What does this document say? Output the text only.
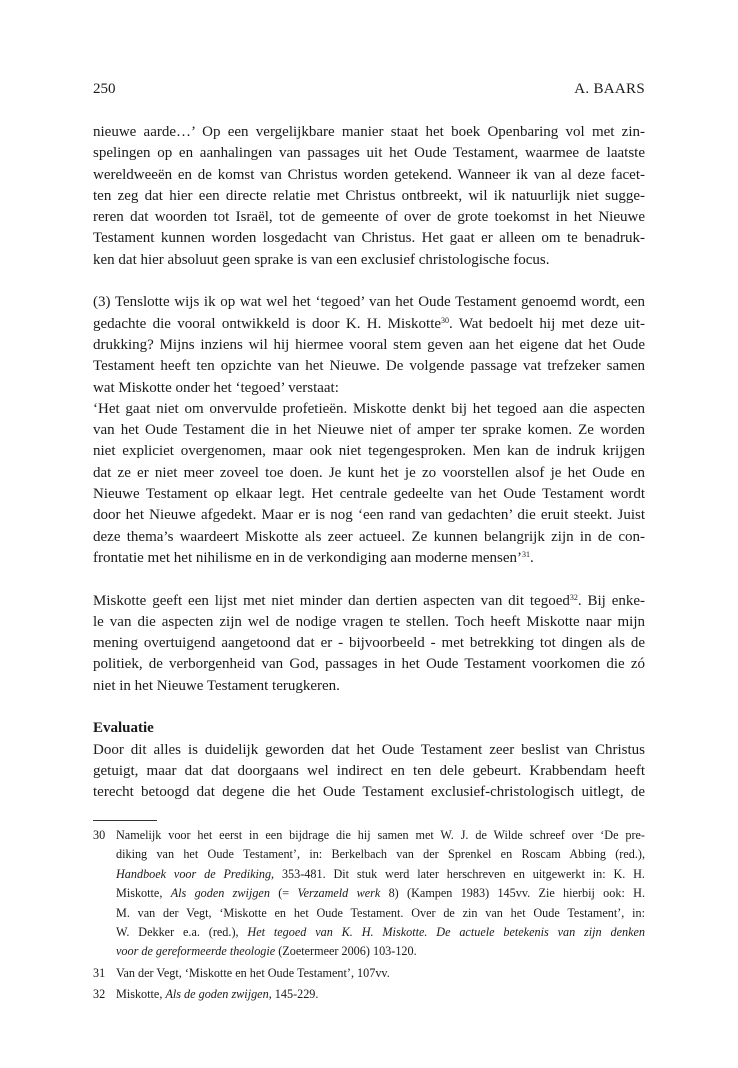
250	A. BAARS
nieuwe aarde…’ Op een vergelijkbare manier staat het boek Openbaring vol met zin-
spelingen op en aanhalingen van passages uit het Oude Testament, waarmee de laatste
wereldweeën en de komst van Christus worden getekend. Wanneer ik van al deze facet-
ten zeg dat hier een directe relatie met Christus ontbreekt, wil ik natuurlijk niet sugge-
reren dat woorden tot Israël, tot de gemeente of over de grote toekomst in het Nieuwe
Testament kunnen worden losgedacht van Christus. Het gaat er alleen om te benadruk-
ken dat hier absoluut geen sprake is van een exclusief christologische focus.
(3) Tenslotte wijs ik op wat wel het ‘tegoed’ van het Oude Testament genoemd wordt, een
gedachte die vooral ontwikkeld is door K. H. Miskotte$^{30}$. Wat bedoelt hij met deze uit-
drukking? Mijns inziens wil hij hiermee vooral stem geven aan het eigene dat het Oude
Testament heeft ten opzichte van het Nieuwe. De volgende passage vat trefzeker samen
wat Miskotte onder het ‘tegoed’ verstaat:
‘Het gaat niet om onvervulde profetieën. Miskotte denkt bij het tegoed aan die aspecten
van het Oude Testament die in het Nieuwe niet of amper ter sprake komen. Ze worden
niet expliciet overgenomen, maar ook niet tegengesproken. Men kan de indruk krijgen
dat ze er niet meer zoveel toe doen. Je kunt het je zo voorstellen alsof je het Oude en
Nieuwe Testament op elkaar legt. Het centrale gedeelte van het Oude Testament wordt
door het Nieuwe afgedekt. Maar er is nog ‘een rand van gedachten’ die eruit steekt. Juist
deze thema’s waardeert Miskotte als zeer actueel. Ze kunnen belangrijk zijn in de con-
frontatie met het nihilisme en in de verkondiging aan moderne mensen’$^{31}$.
Miskotte geeft een lijst met niet minder dan dertien aspecten van dit tegoed$^{32}$. Bij enke-
le van die aspecten zijn wel de nodige vragen te stellen. Toch heeft Miskotte naar mijn
mening overtuigend aangetoond dat er - bijvoorbeeld - met betrekking tot dingen als de
politiek, de verborgenheid van God, passages in het Oude Testament voorkomen die zó
niet in het Nieuwe Testament terugkeren.
Evaluatie
Door dit alles is duidelijk geworden dat het Oude Testament zeer beslist van Christus
getuigt, maar dat dat doorgaans wel indirect en ten dele gebeurt. Krabbendam heeft
terecht betoogd dat degene die het Oude Testament exclusief-christologisch uitlegt, de
30 Namelijk voor het eerst in een bijdrage die hij samen met W. J. de Wilde schreef over ‘De pre-
diking van het Oude Testament’, in: Berkelbach van der Sprenkel en Roscam Abbing (red.),
Handboek voor de Prediking, 353-481. Dit stuk werd later herschreven en uitgewerkt in: K. H.
Miskotte, Als goden zwijgen (= Verzameld werk 8) (Kampen 1983) 145vv. Zie hierbij ook: H.
M. van der Vegt, ‘Miskotte en het Oude Testament. Over de zin van het Oude Testament’, in:
W. Dekker e.a. (red.), Het tegoed van K. H. Miskotte. De actuele betekenis van zijn denken
voor de gereformeerde theologie (Zoetermeer 2006) 103-120.
31 Van der Vegt, ‘Miskotte en het Oude Testament’, 107vv.
32 Miskotte, Als de goden zwijgen, 145-229.
